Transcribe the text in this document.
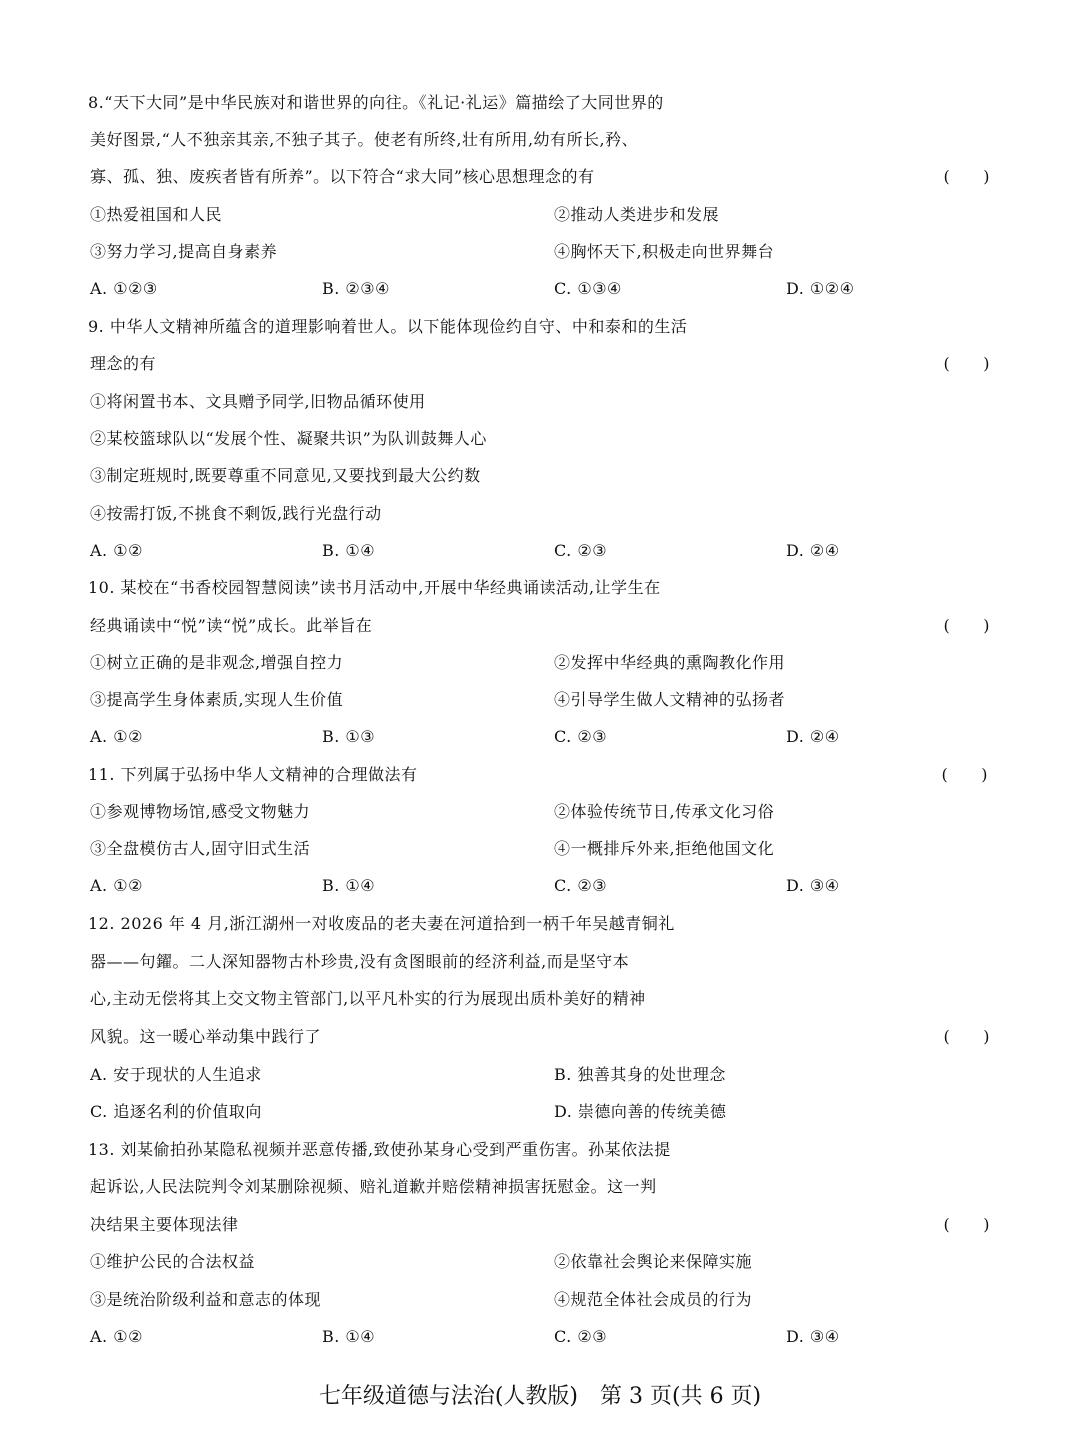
8.“天下大同”是中华民族对和谐世界的向往。《礼记·礼运》篇描绘了大同世界的
美好图景,“人不独亲其亲,不独子其子。使老有所终,壮有所用,幼有所长,矜、
寡、孤、独、废疾者皆有所养”。以下符合“求大同”核心思想理念的有	(　　)
①热爱祖国和人民	②推动人类进步和发展
③努力学习,提高自身素养	④胸怀天下,积极走向世界舞台
A. ①②③	B. ②③④	C. ①③④	D. ①②④
9. 中华人文精神所蕴含的道理影响着世人。以下能体现俭约自守、中和泰和的生活
理念的有	(　　)
①将闲置书本、文具赠予同学,旧物品循环使用
②某校篮球队以“发展个性、凝聚共识”为队训鼓舞人心
③制定班规时,既要尊重不同意见,又要找到最大公约数
④按需打饭,不挑食不剩饭,践行光盘行动
A. ①②	B. ①④	C. ②③	D. ②④
10. 某校在“书香校园智慧阅读”读书月活动中,开展中华经典诵读活动,让学生在
经典诵读中“悦”读“悦”成长。此举旨在	(　　)
①树立正确的是非观念,增强自控力	②发挥中华经典的熏陶教化作用
③提高学生身体素质,实现人生价值	④引导学生做人文精神的弘扬者
A. ①②	B. ①③	C. ②③	D. ②④
11. 下列属于弘扬中华人文精神的合理做法有	(　　)
①参观博物场馆,感受文物魅力	②体验传统节日,传承文化习俗
③全盘模仿古人,固守旧式生活	④一概排斥外来,拒绝他国文化
A. ①②	B. ①④	C. ②③	D. ③④
12. 2026 年 4 月,浙江湖州一对收废品的老夫妻在河道拾到一柄千年吴越青铜礼
器——句鑃。二人深知器物古朴珍贵,没有贪图眼前的经济利益,而是坚守本
心,主动无偿将其上交文物主管部门,以平凡朴实的行为展现出质朴美好的精神
风貌。这一暖心举动集中践行了	(　　)
A. 安于现状的人生追求	B. 独善其身的处世理念
C. 追逐名利的价值取向	D. 崇德向善的传统美德
13. 刘某偷拍孙某隐私视频并恶意传播,致使孙某身心受到严重伤害。孙某依法提
起诉讼,人民法院判令刘某删除视频、赔礼道歉并赔偿精神损害抚慰金。这一判
决结果主要体现法律	(　　)
①维护公民的合法权益	②依靠社会舆论来保障实施
③是统治阶级利益和意志的体现	④规范全体社会成员的行为
A. ①②	B. ①④	C. ②③	D. ③④
七年级道德与法治(人教版)　第 3 页(共 6 页)
